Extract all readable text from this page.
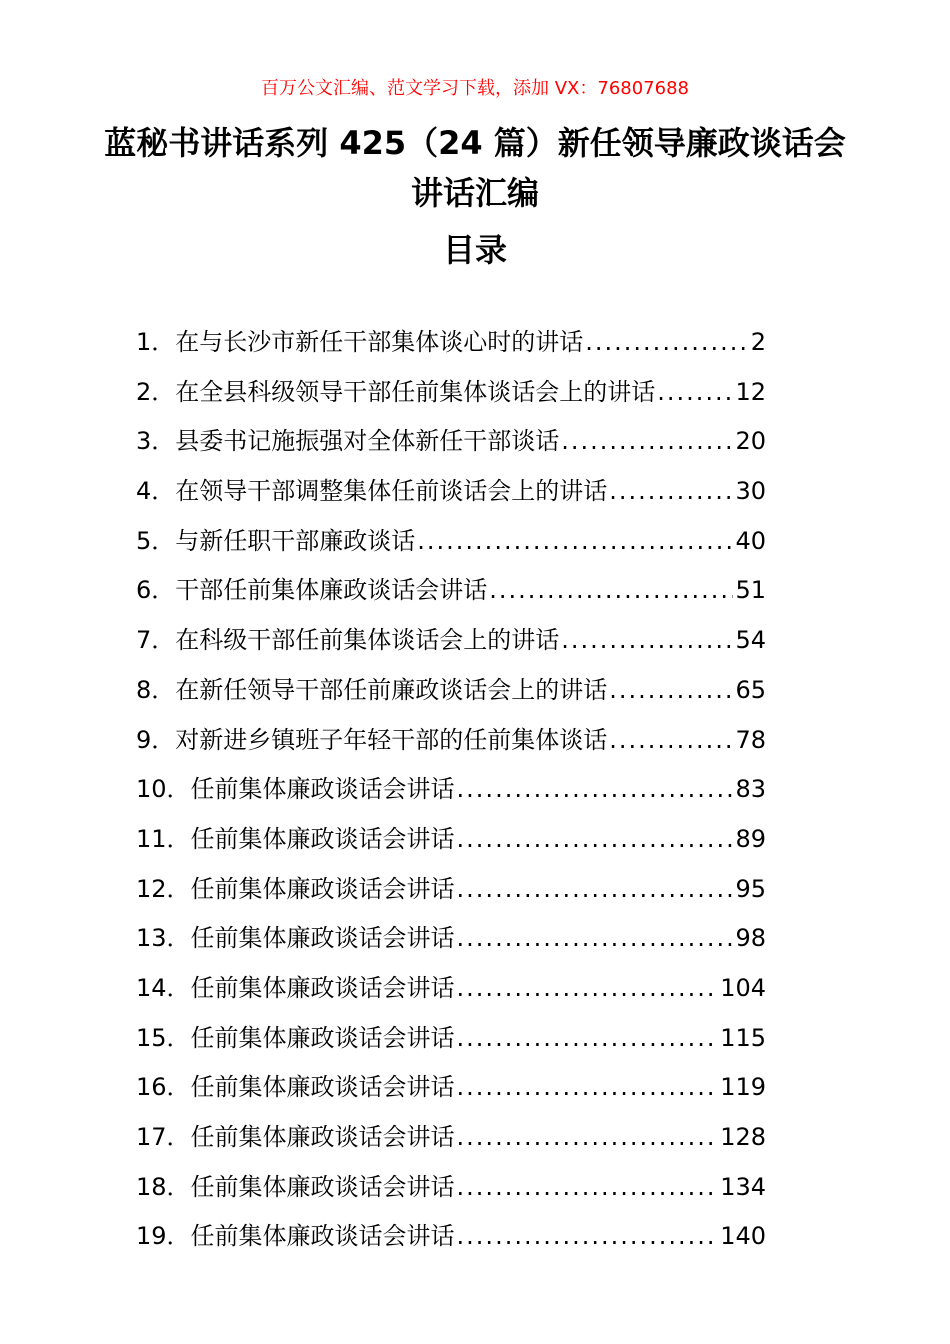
百万公文汇编、范文学习下载，添加 VX：76807688
蓝秘书讲话系列 425（24 篇）新任领导廉政谈话会讲话汇编
目录
1． 在与长沙市新任干部集体谈心时的讲话 .....	2
2． 在全县科级领导干部任前集体谈话会上的讲话 .....	12
3． 县委书记施振强对全体新任干部谈话 .....	20
4． 在领导干部调整集体任前谈话会上的讲话 .....	30
5． 与新任职干部廉政谈话 .....	40
6． 干部任前集体廉政谈话会讲话 .....	51
7． 在科级干部任前集体谈话会上的讲话 .....	54
8． 在新任领导干部任前廉政谈话会上的讲话 .....	65
9． 对新进乡镇班子年轻干部的任前集体谈话 .....	78
10． 任前集体廉政谈话会讲话 .....	83
11． 任前集体廉政谈话会讲话 .....	89
12． 任前集体廉政谈话会讲话 .....	95
13． 任前集体廉政谈话会讲话 .....	98
14． 任前集体廉政谈话会讲话 .....	104
15． 任前集体廉政谈话会讲话 .....	115
16． 任前集体廉政谈话会讲话 .....	119
17． 任前集体廉政谈话会讲话 .....	128
18． 任前集体廉政谈话会讲话 .....	134
19． 任前集体廉政谈话会讲话 .....	140
